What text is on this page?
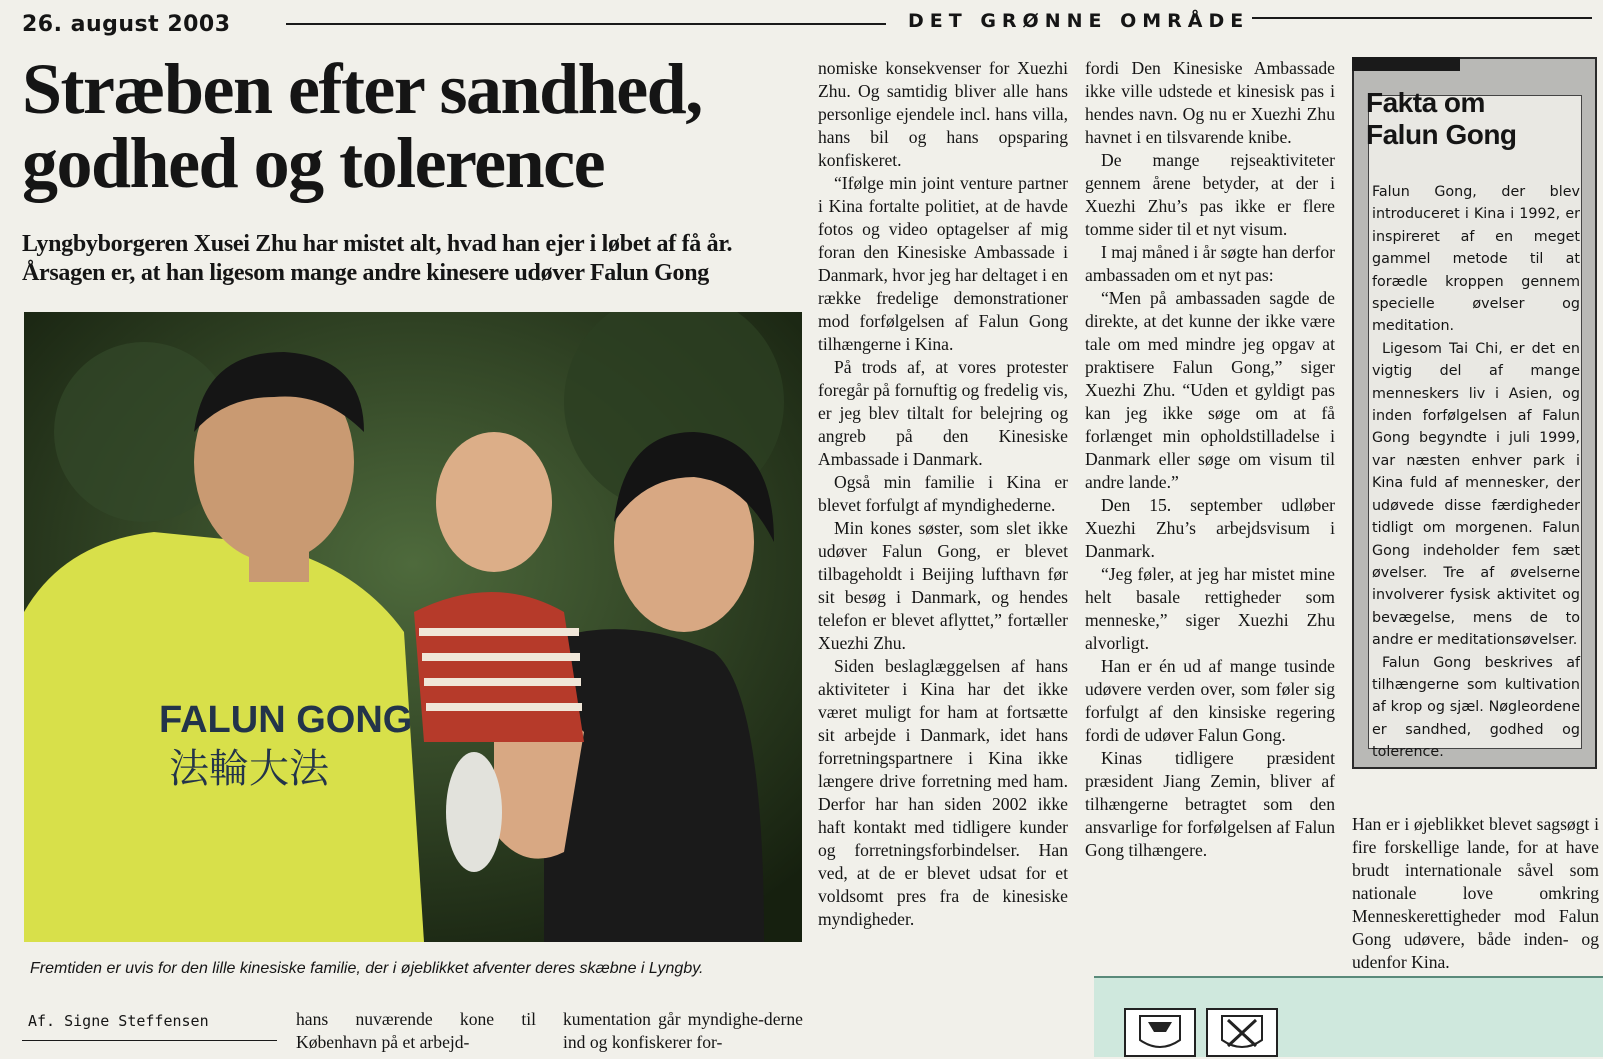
26. august 2003	DET GRØNNE OMRÅDE
Stræben efter sandhed,
godhed og tolerence

Lyngbyborgeren Xusei Zhu har mistet alt, hvad han ejer i løbet af få år. Årsagen er, at han ligesom mange andre kinesere udøver Falun Gong

FALUN GONG
法輪大法
Fremtiden er uvis for den lille kinesiske familie, der i øjeblikket afventer deres skæbne i Lyngby.
Af. Signe Steffensen	hans nuværende kone til København på et arbejd-

kumentation går myndighe-derne ind og konfiskerer for-

nomiske konsekvenser for Xuezhi Zhu. Og samtidig bliver alle hans personlige ejendele incl. hans villa, hans bil og hans opsparing konfiskeret.

“Ifølge min joint venture partner i Kina fortalte politiet, at de havde fotos og video optagelser af mig foran den Kinesiske Ambassade i Danmark, hvor jeg har deltaget i en række fredelige demonstrationer mod forfølgelsen af Falun Gong tilhængerne i Kina.

På trods af, at vores protester foregår på fornuftig og fredelig vis, er jeg blev tiltalt for belejring og angreb på den Kinesiske Ambassade i Danmark.

Også min familie i Kina er blevet forfulgt af myndighederne.

Min kones søster, som slet ikke udøver Falun Gong, er blevet tilbageholdt i Beijing lufthavn før sit besøg i Danmark, og hendes telefon er blevet aflyttet,” fortæller Xuezhi Zhu.

Siden beslaglæggelsen af hans aktiviteter i Kina har det ikke været muligt for ham at fortsætte sit arbejde i Danmark, idet hans forretningspartnere i Kina ikke længere drive forretning med ham. Derfor har han siden 2002 ikke haft kontakt med tidligere kunder og forretningsforbindelser. Han ved, at de er blevet udsat for et voldsomt pres fra de kinesiske myndigheder.

fordi Den Kinesiske Ambassade ikke ville udstede et kinesisk pas i hendes navn. Og nu er Xuezhi Zhu havnet i en tilsvarende knibe.

De mange rejseaktiviteter gennem årene betyder, at der i Xuezhi Zhu’s pas ikke er flere tomme sider til et nyt visum.

I maj måned i år søgte han derfor ambassaden om et nyt pas:

“Men på ambassaden sagde de direkte, at det kunne der ikke være tale om med mindre jeg opgav at praktisere Falun Gong,” siger Xuezhi Zhu. “Uden et gyldigt pas kan jeg ikke søge om at få forlænget min opholdstilladelse i Danmark eller søge om visum til andre lande.”

Den 15. september udløber Xuezhi Zhu’s arbejdsvisum i Danmark.

“Jeg føler, at jeg har mistet mine helt basale rettigheder som menneske,” siger Xuezhi Zhu alvorligt.

Han er én ud af mange tusinde udøvere verden over, som føler sig forfulgt af den kinsiske regering fordi de udøver Falun Gong.

Kinas tidligere præsident præsident Jiang Zemin, bliver af tilhængerne betragtet som den ansvarlige for forfølgelsen af Falun Gong tilhængere.

Fakta om
Falun Gong

Falun Gong, der blev introduceret i Kina i 1992, er inspireret af en meget gammel metode til at forædle kroppen gennem specielle øvelser og meditation.

Ligesom Tai Chi, er det en vigtig del af mange menneskers liv i Asien, og inden forfølgelsen af Falun Gong begyndte i juli 1999, var næsten enhver park i Kina fuld af mennesker, der udøvede disse færdigheder tidligt om morgenen. Falun Gong indeholder fem sæt øvelser. Tre af øvelserne involverer fysisk aktivitet og bevægelse, mens de to andre er meditationsøvelser.

Falun Gong beskrives af tilhængerne som kultivation af krop og sjæl. Nøgleordene er sandhed, godhed og tolerence.

Han er i øjeblikket blevet sagsøgt i fire forskellige lande, for at have brudt internationale såvel som nationale love omkring Menneskerettigheder mod Falun Gong udøvere, både inden- og udenfor Kina.
